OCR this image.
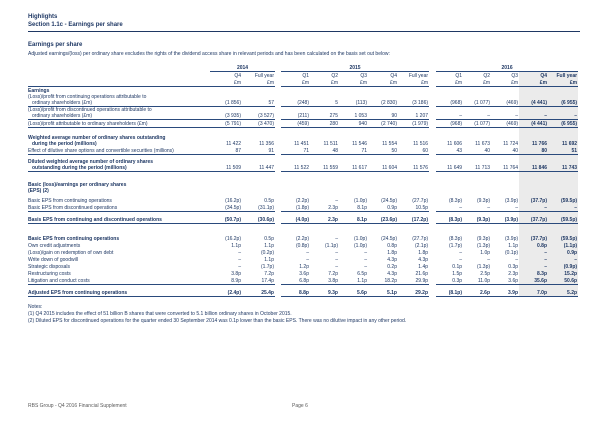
Highlights
Section 1.1c - Earnings per share
Earnings per share
Adjusted earnings/(loss) per ordinary share excludes the rights of the dividend access share in relevant periods and has been calculated on the basis set out below:
	2014			2015						2016				
	Q4	Full year		Q1	Q2	Q3	Q4	Full year		Q1	Q2	Q3	Q4	Full year
	£m	£m		£m	£m	£m	£m	£m		£m	£m	£m	£m	£m
Earnings														

(Loss)/profit from continuing operations attributable to
ordinary shareholders (£m)	(1 856)	57		(248)	5	(113)	(2 830)	(3 186)		(968)	(1 077)	(469)	(4 441)	(6 955)

(Loss)/profit from discontinued operations attributable to
ordinary shareholders (£m)	(3 935)	(3 527)		(211)	275	1 053	90	1 207		–	–	–	–	–
(Loss)/profit attributable to ordinary shareholders (£m)	(5 791)	(3 470)		(459)	280	940	(2 740)	(1 979)		(968)	(1 077)	(469)	(4 441)	(6 955)

Weighted average number of ordinary shares outstanding
during the period (millions)	11 422	11 356		11 451	11 511	11 546	11 554	11 516		11 606	11 673	11 724	11 766	11 692
Effect of dilutive share options and convertible securities (millions)	87	91		71	48	71	50	60		43	40	40	80	51

Diluted weighted average number of ordinary shares
outstanding during the period (millions)	11 509	11 447		11 522	11 559	11 617	11 604	11 576		11 649	11 713	11 764	11 846	11 743

Basic (loss)/earnings per ordinary shares
(EPS) (2)														

Basic EPS from continuing operations	(16.2p)	0.5p		(2.2p)	–	(1.0p)	(24.5p)	(27.7p)		(8.3p)	(9.3p)	(3.9p)	(37.7p)	(59.5p)
Basic EPS from discontinued operations	(34.5p)	(31.1p)		(1.8p)	2.3p	8.1p	0.9p	10.5p		–	–	–	–	–

Basis EPS from continuing and discontinued operations	(50.7p)	(30.6p)		(4.0p)	2.3p	8.1p	(23.6p)	(17.2p)		(8.3p)	(9.3p)	(3.9p)	(37.7p)	(59.5p)

Basic EPS from continuing operations	(16.2p)	0.5p		(2.2p)	–	(1.0p)	(24.5p)	(27.7p)		(8.3p)	(9.3p)	(3.9p)	(37.7p)	(59.5p)
Own credit adjustments	1.1p	1.1p		(0.8p)	(1.1p)	(1.0p)	0.8p	(2.1p)		(1.7p)	(1.3p)	1.1p	0.8p	(1.1p)
(Loss)/gain on redemption of own debt	–	(0.2p)		–	–	–	1.8p	1.8p		–	1.0p	(0.1p)	–	0.9p
Write down of goodwill	–	1.1p		–	–	–	4.3p	4.3p		–	–	–	–	–
Strategic disposals	–	(1.7p)		1.2p	–	–	0.2p	1.4p		0.1p	(1.3p)	0.3p	–	(0.9p)
Restructuring costs	3.8p	7.2p		3.6p	7.2p	6.5p	4.3p	21.6p		1.5p	2.5p	2.3p	8.3p	15.2p
Litigation and conduct costs	8.9p	17.4p		6.8p	3.8p	1.1p	18.2p	29.9p		0.3p	11.0p	3.6p	35.6p	50.6p

Adjusted EPS from continuing operations	(2.4p)	25.4p		8.8p	9.3p	5.6p	5.1p	29.2p		(8.1p)	2.6p	3.9p	7.0p	5.2p
Notes:
(1) Q4 2015 includes the effect of 51 billion B shares that were converted to 5.1 billion ordinary shares in October 2015.
(2) Diluted EPS for discontinued operations for the quarter ended 30 September 2014 was 0.1p lower than the basic EPS. There was no dilutive impact in any other period.
RBS Group - Q4 2016 Financial Supplement	Page 6
